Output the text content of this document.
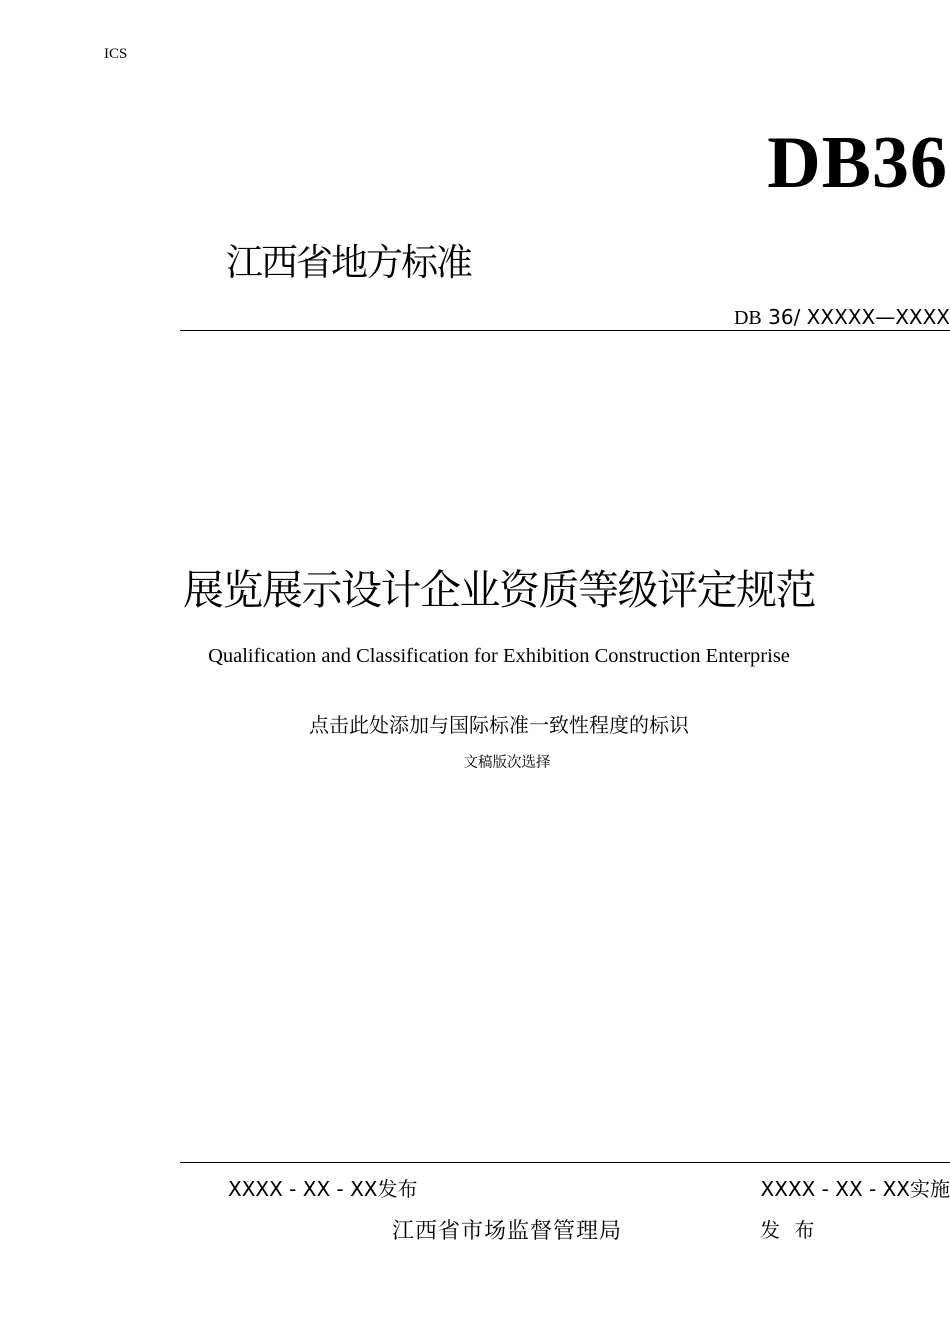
ICS
DB36
江西省地方标准
DB 36/ XXXXX—XXXX
展览展示设计企业资质等级评定规范
Qualification and Classification for Exhibition Construction Enterprise
点击此处添加与国际标准一致性程度的标识
文稿版次选择
XXXX - XX - XX发布	XXXX - XX - XX实施
江西省市场监督管理局	发 布
